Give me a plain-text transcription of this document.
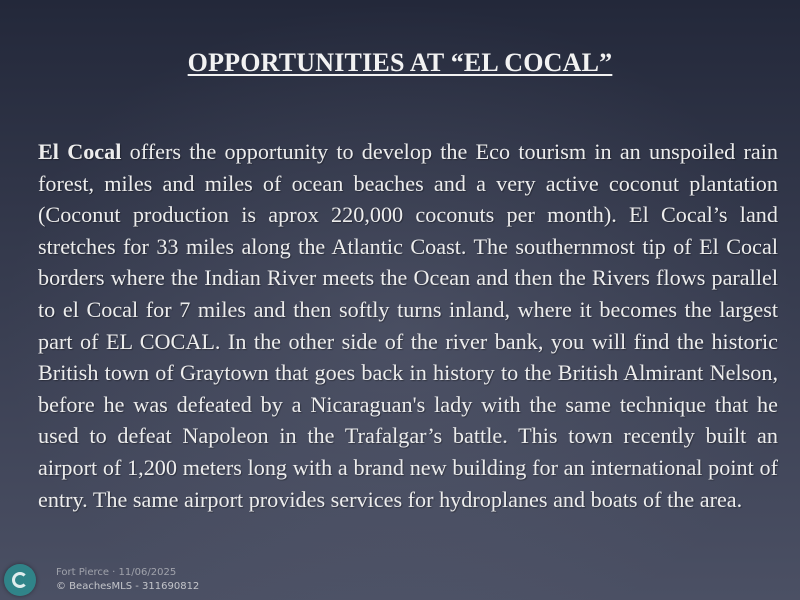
OPPORTUNITIES AT “EL COCAL”
El Cocal offers the opportunity to develop the Eco tourism in an unspoiled rain forest, miles and miles of ocean beaches and a very active coconut plantation (Coconut production is aprox 220,000 coconuts per month). El Cocal’s land stretches for 33 miles along the Atlantic Coast. The southernmost tip of El Cocal borders where the Indian River meets the Ocean and then the Rivers flows parallel to el Cocal for 7 miles and then softly turns inland, where it becomes the largest part of EL COCAL. In the other side of the river bank, you will find the historic British town of Graytown that goes back in history to the British Almirant Nelson, before he was defeated by a Nicaraguan's lady with the same technique that he used to defeat Napoleon in the Trafalgar’s battle. This town recently built an airport of 1,200 meters long with a brand new building for an international point of entry. The same airport provides services for hydroplanes and boats of the area.
Fort Pierce · 11/06/2025
© BeachesMLS - 311690812
